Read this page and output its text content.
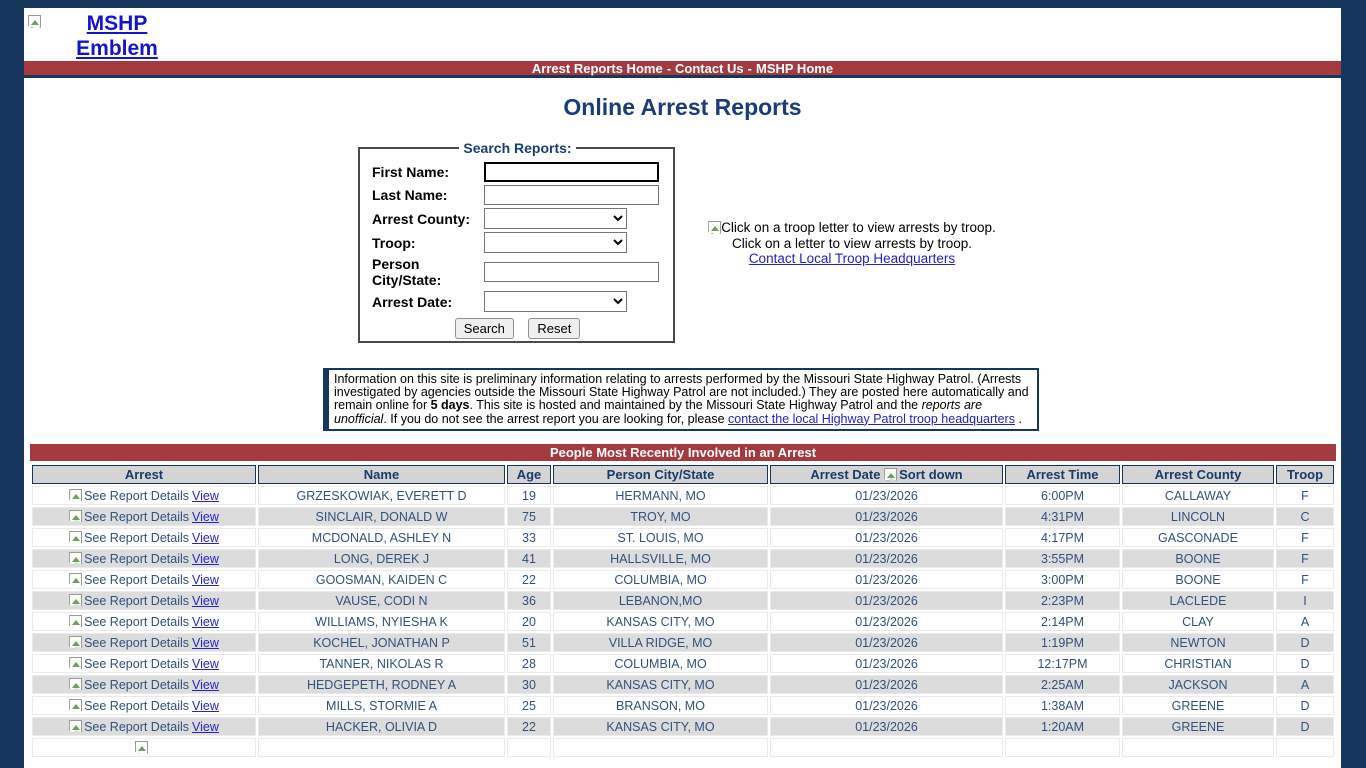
MSHP Emblem
Arrest Reports Home - Contact Us - MSHP Home
Online Arrest Reports
Search Reports:
First Name:
Last Name:
Arrest County:
Troop:
Person City/State:
Arrest Date:
Search Reset
Click on a troop letter to view arrests by troop.
Click on a letter to view arrests by troop.
Contact Local Troop Headquarters
Information on this site is preliminary information relating to arrests performed by the Missouri State Highway Patrol. (Arrests investigated by agencies outside the Missouri State Highway Patrol are not included.) They are posted here automatically and remain online for 5 days. This site is hosted and maintained by the Missouri State Highway Patrol and the reports are unofficial. If you do not see the arrest report you are looking for, please contact the local Highway Patrol troop headquarters .
People Most Recently Involved in an Arrest
Arrest	Name	Age	Person City/State	Arrest Date Sort down	Arrest Time	Arrest County	Troop
See Report Details View	GRZESKOWIAK, EVERETT D	19	HERMANN, MO	01/23/2026	6:00PM	CALLAWAY	F
See Report Details View	SINCLAIR, DONALD W	75	TROY, MO	01/23/2026	4:31PM	LINCOLN	C
See Report Details View	MCDONALD, ASHLEY N	33	ST. LOUIS, MO	01/23/2026	4:17PM	GASCONADE	F
See Report Details View	LONG, DEREK J	41	HALLSVILLE, MO	01/23/2026	3:55PM	BOONE	F
See Report Details View	GOOSMAN, KAIDEN C	22	COLUMBIA, MO	01/23/2026	3:00PM	BOONE	F
See Report Details View	VAUSE, CODI N	36	LEBANON,MO	01/23/2026	2:23PM	LACLEDE	I
See Report Details View	WILLIAMS, NYIESHA K	20	KANSAS CITY, MO	01/23/2026	2:14PM	CLAY	A
See Report Details View	KOCHEL, JONATHAN P	51	VILLA RIDGE, MO	01/23/2026	1:19PM	NEWTON	D
See Report Details View	TANNER, NIKOLAS R	28	COLUMBIA, MO	01/23/2026	12:17PM	CHRISTIAN	D
See Report Details View	HEDGEPETH, RODNEY A	30	KANSAS CITY, MO	01/23/2026	2:25AM	JACKSON	A
See Report Details View	MILLS, STORMIE A	25	BRANSON, MO	01/23/2026	1:38AM	GREENE	D
See Report Details View	HACKER, OLIVIA D	22	KANSAS CITY, MO	01/23/2026	1:20AM	GREENE	D
